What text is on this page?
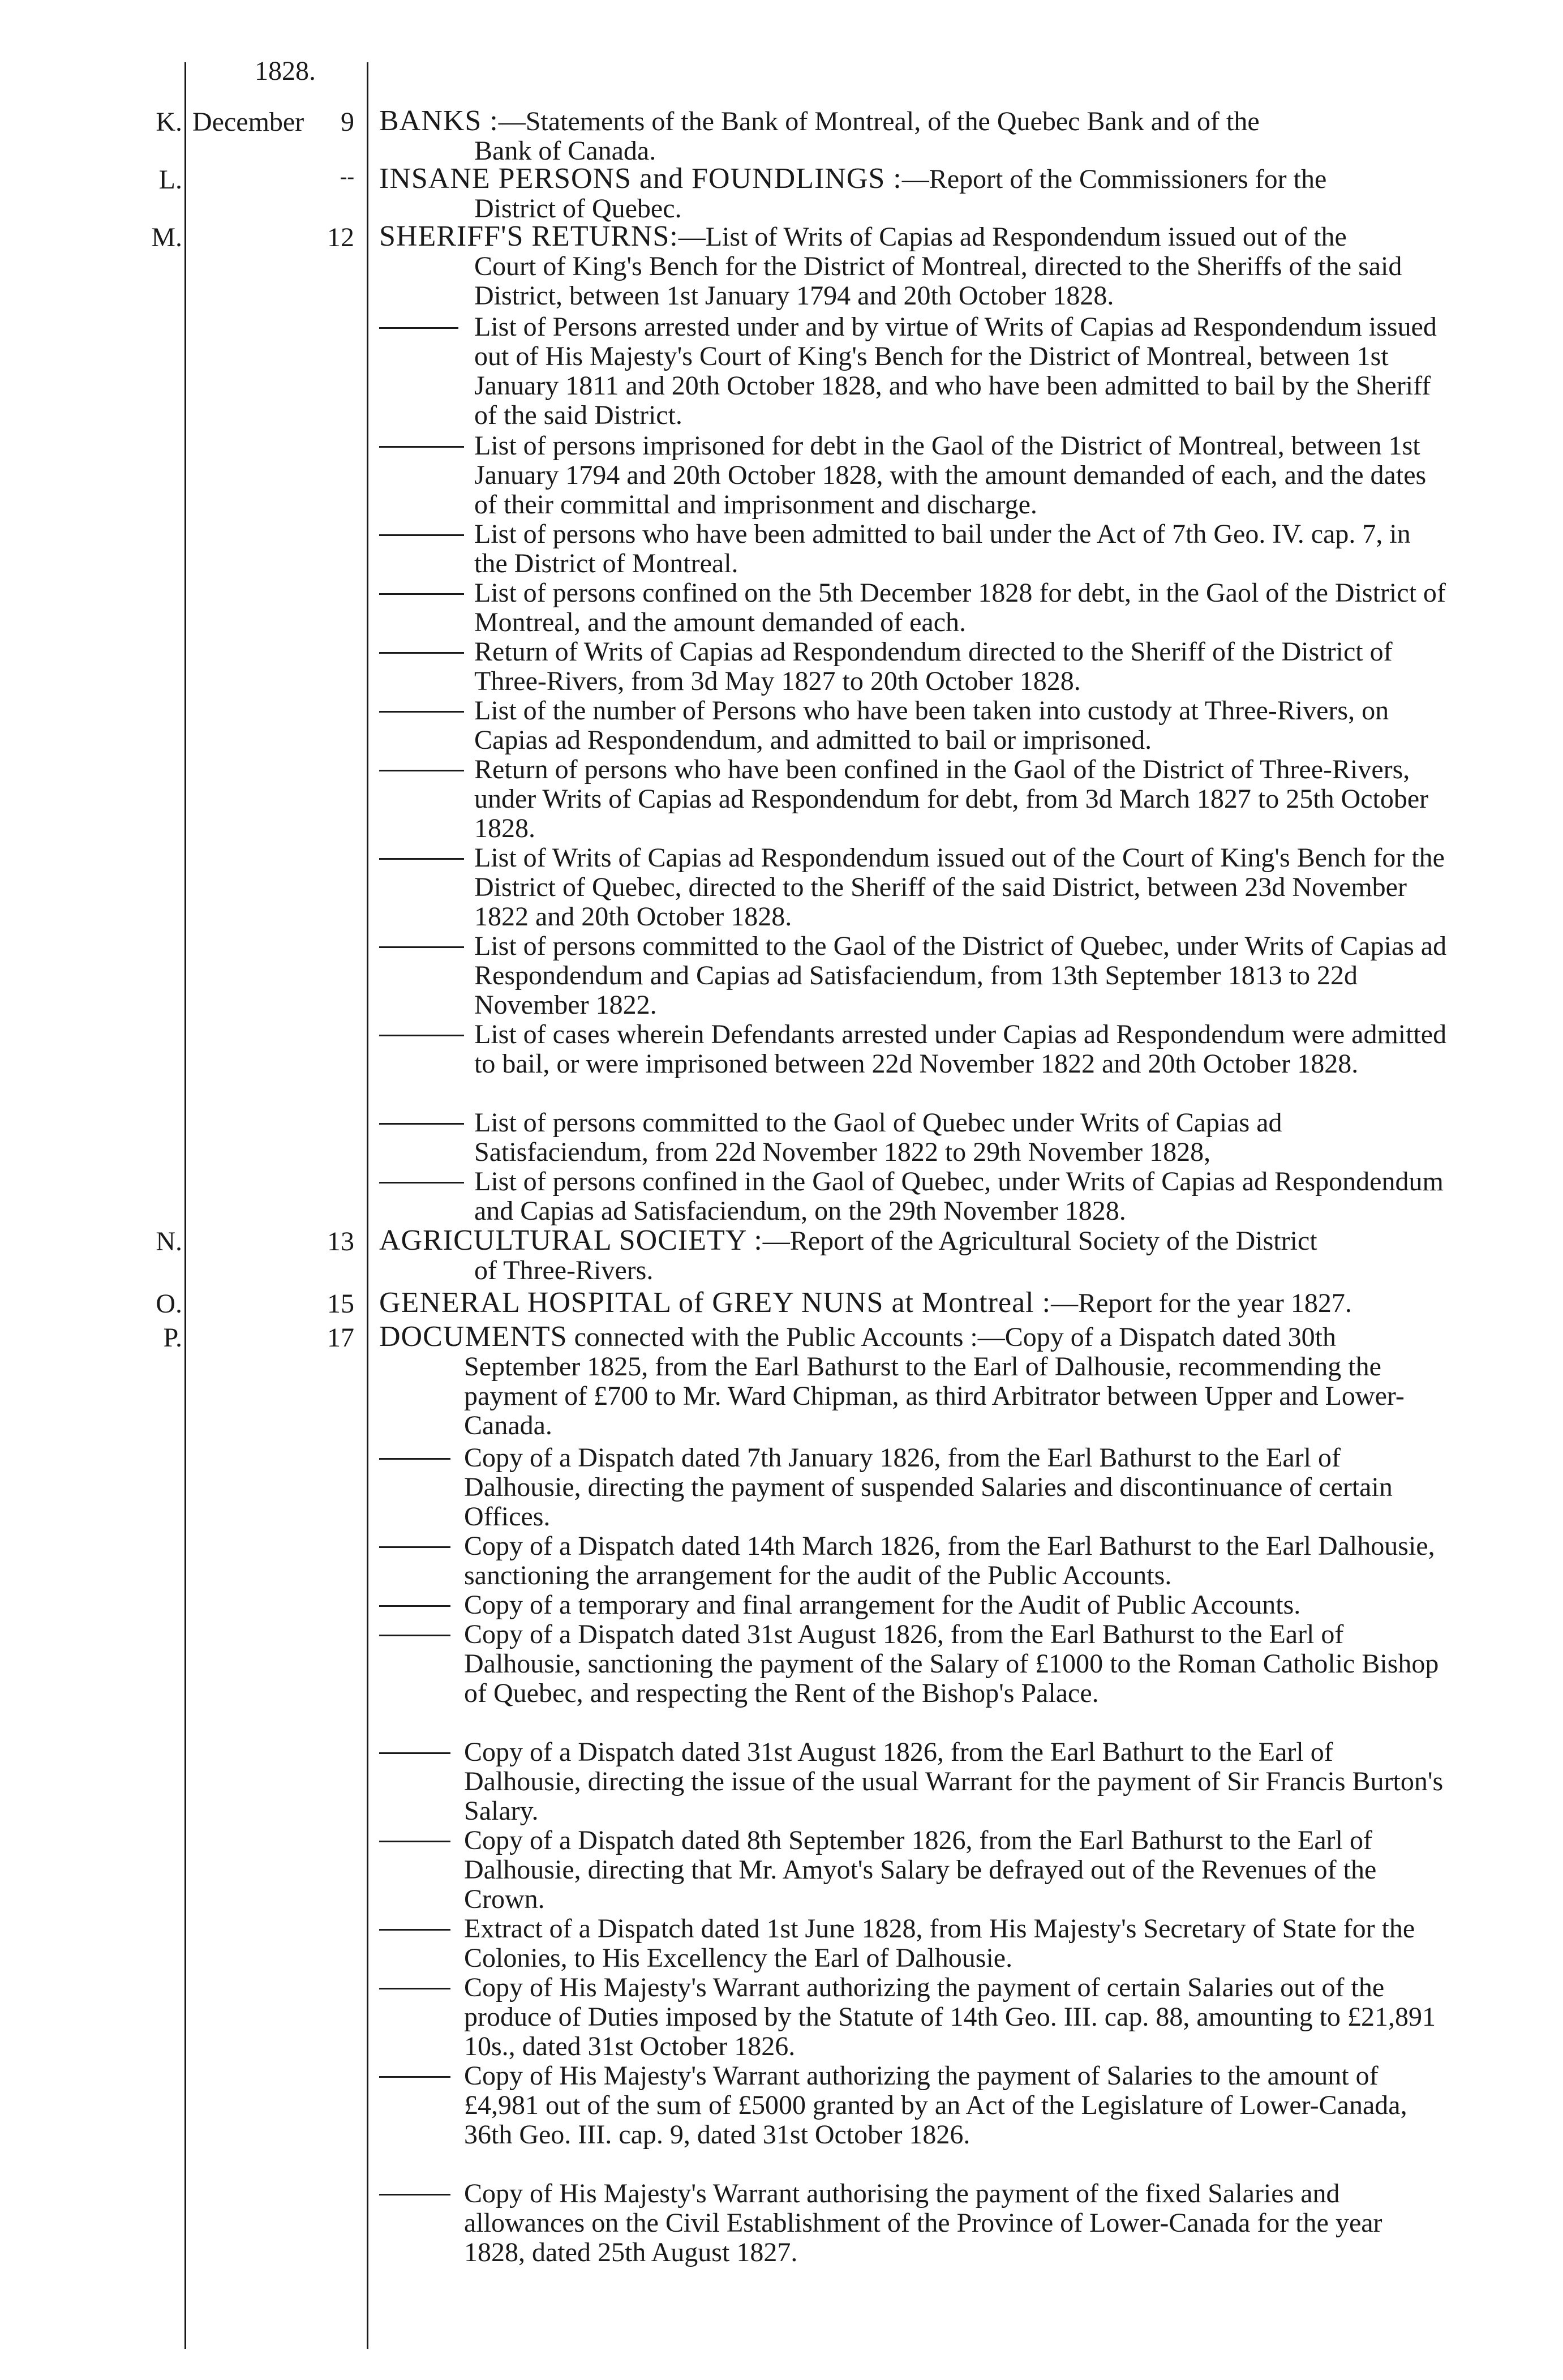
1828.
K. December	9 BANKS :—Statements of the Bank of Montreal, of the Quebec Bank and of the
Bank of Canada.
L.	-- INSANE PERSONS and FOUNDLINGS :—Report of the Commissioners for the
District of Quebec.
M.	12 SHERIFF'S RETURNS:—List of Writs of Capias ad Respondendum issued out of the
Court of King's Bench for the District of Montreal, directed to the Sheriffs of the said District, between 1st January 1794 and 20th October 1828.
List of Persons arrested under and by virtue of Writs of Capias ad Respondendum issued out of His Majesty's Court of King's Bench for the District of Montreal, between 1st January 1811 and 20th October 1828, and who have been admitted to bail by the Sheriff of the said District.
List of persons imprisoned for debt in the Gaol of the District of Montreal, between 1st January 1794 and 20th October 1828, with the amount demanded of each, and the dates of their committal and imprisonment and discharge.
List of persons who have been admitted to bail under the Act of 7th Geo. IV. cap. 7, in the District of Montreal.
List of persons confined on the 5th December 1828 for debt, in the Gaol of the District of Montreal, and the amount demanded of each.
Return of Writs of Capias ad Respondendum directed to the Sheriff of the District of Three-Rivers, from 3d May 1827 to 20th October 1828.
List of the number of Persons who have been taken into custody at Three-Rivers, on Capias ad Respondendum, and admitted to bail or imprisoned.
Return of persons who have been confined in the Gaol of the District of Three-Rivers, under Writs of Capias ad Respondendum for debt, from 3d March 1827 to 25th October 1828.
List of Writs of Capias ad Respondendum issued out of the Court of King's Bench for the District of Quebec, directed to the Sheriff of the said District, between 23d November 1822 and 20th October 1828.
List of persons committed to the Gaol of the District of Quebec, under Writs of Capias ad Respondendum and Capias ad Satisfaciendum, from 13th September 1813 to 22d November 1822.
List of cases wherein Defendants arrested under Capias ad Respondendum were admitted to bail, or were imprisoned between 22d November 1822 and 20th October 1828.
List of persons committed to the Gaol of Quebec under Writs of Capias ad Satisfaciendum, from 22d November 1822 to 29th November 1828,
List of persons confined in the Gaol of Quebec, under Writs of Capias ad Respondendum and Capias ad Satisfaciendum, on the 29th November 1828.
N.	13 AGRICULTURAL SOCIETY :—Report of the Agricultural Society of the District
of Three-Rivers.
O.	15 GENERAL HOSPITAL of GREY NUNS at Montreal :—Report for the year 1827.
P.	17 DOCUMENTS connected with the Public Accounts :—Copy of a Dispatch dated 30th
September 1825, from the Earl Bathurst to the Earl of Dalhousie, recommending the payment of £700 to Mr. Ward Chipman, as third Arbitrator between Upper and Lower-Canada.
Copy of a Dispatch dated 7th January 1826, from the Earl Bathurst to the Earl of Dalhousie, directing the payment of suspended Salaries and discontinuance of certain Offices.
Copy of a Dispatch dated 14th March 1826, from the Earl Bathurst to the Earl Dalhousie, sanctioning the arrangement for the audit of the Public Accounts.
Copy of a temporary and final arrangement for the Audit of Public Accounts.
Copy of a Dispatch dated 31st August 1826, from the Earl Bathurst to the Earl of Dalhousie, sanctioning the payment of the Salary of £1000 to the Roman Catholic Bishop of Quebec, and respecting the Rent of the Bishop's Palace.
Copy of a Dispatch dated 31st August 1826, from the Earl Bathurt to the Earl of Dalhousie, directing the issue of the usual Warrant for the payment of Sir Francis Burton's Salary.
Copy of a Dispatch dated 8th September 1826, from the Earl Bathurst to the Earl of Dalhousie, directing that Mr. Amyot's Salary be defrayed out of the Revenues of the Crown.
Extract of a Dispatch dated 1st June 1828, from His Majesty's Secretary of State for the Colonies, to His Excellency the Earl of Dalhousie.
Copy of His Majesty's Warrant authorizing the payment of certain Salaries out of the produce of Duties imposed by the Statute of 14th Geo. III. cap. 88, amounting to £21,891 10s., dated 31st October 1826.
Copy of His Majesty's Warrant authorizing the payment of Salaries to the amount of £4,981 out of the sum of £5000 granted by an Act of the Legislature of Lower-Canada, 36th Geo. III. cap. 9, dated 31st October 1826.
Copy of His Majesty's Warrant authorising the payment of the fixed Salaries and allowances on the Civil Establishment of the Province of Lower-Canada for the year 1828, dated 25th August 1827.
